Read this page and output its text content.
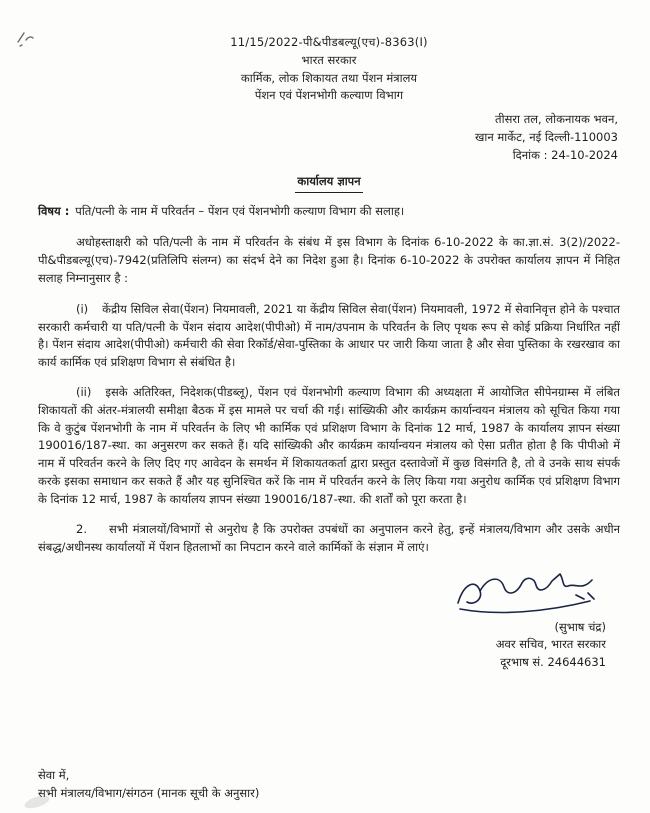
11/15/2022-पी&पीडबल्यू(एच)-8363(I)
भारत सरकार
कार्मिक, लोक शिकायत तथा पेंशन मंत्रालय
पेंशन एवं पेंशनभोगी कल्याण विभाग
तीसरा तल, लोकनायक भवन,
खान मार्केट, नई दिल्ली-110003
दिनांक : 24-10-2024
कार्यालय ज्ञापन

विषय : पति/पत्नी के नाम में परिवर्तन – पेंशन एवं पेंशनभोगी कल्याण विभाग की सलाह।

अधोहस्ताक्षरी को पति/पत्नी के नाम में परिवर्तन के संबंध में इस विभाग के दिनांक 6-10-2022 के का.ज्ञा.सं. 3(2)/2022-पी&पीडबल्यू(एच)-7942(प्रतिलिपि संलग्न) का संदर्भ देने का निदेश हुआ है। दिनांक 6-10-2022 के उपरोक्त कार्यालय ज्ञापन में निहित सलाह निम्नानुसार है :

(i) केंद्रीय सिविल सेवा(पेंशन) नियमावली, 2021 या केंद्रीय सिविल सेवा(पेंशन) नियमावली, 1972 में सेवानिवृत्त होने के पश्चात सरकारी कर्मचारी या पति/पत्नी के पेंशन संदाय आदेश(पीपीओ) में नाम/उपनाम के परिवर्तन के लिए पृथक रूप से कोई प्रक्रिया निर्धारित नहीं है। पेंशन संदाय आदेश(पीपीओ) कर्मचारी की सेवा रिकॉर्ड/सेवा-पुस्तिका के आधार पर जारी किया जाता है और सेवा पुस्तिका के रखरखाव का कार्य कार्मिक एवं प्रशिक्षण विभाग से संबंधित है।

(ii) इसके अतिरिक्त, निदेशक(पीडब्लू), पेंशन एवं पेंशनभोगी कल्याण विभाग की अध्यक्षता में आयोजित सीपेनग्राम्स में लंबित शिकायतों की अंतर-मंत्रालयी समीक्षा बैठक में इस मामले पर चर्चा की गई। सांख्यिकी और कार्यक्रम कार्यान्वयन मंत्रालय को सूचित किया गया कि वे कुटुंब पेंशनभोगी के नाम में परिवर्तन के लिए भी कार्मिक एवं प्रशिक्षण विभाग के दिनांक 12 मार्च, 1987 के कार्यालय ज्ञापन संख्या 190016/187-स्था. का अनुसरण कर सकते हैं। यदि सांख्यिकी और कार्यक्रम कार्यान्वयन मंत्रालय को ऐसा प्रतीत होता है कि पीपीओ में नाम में परिवर्तन करने के लिए दिए गए आवेदन के समर्थन में शिकायतकर्ता द्वारा प्रस्तुत दस्तावेजों में कुछ विसंगति है, तो वे उनके साथ संपर्क करके इसका समाधान कर सकते हैं और यह सुनिश्चित करें कि नाम में परिवर्तन करने के लिए किया गया अनुरोध कार्मिक एवं प्रशिक्षण विभाग के दिनांक 12 मार्च, 1987 के कार्यालय ज्ञापन संख्या 190016/187-स्था. की शर्तों को पूरा करता है।

2. सभी मंत्रालयों/विभागों से अनुरोध है कि उपरोक्त उपबंधों का अनुपालन करने हेतु, इन्हें मंत्रालय/विभाग और उसके अधीन संबद्ध/अधीनस्थ कार्यालयों में पेंशन हितलाभों का निपटान करने वाले कार्मिकों के संज्ञान में लाएं।

(सुभाष चंद्र)
अवर सचिव, भारत सरकार
दूरभाष सं. 24644631
सेवा में,
सभी मंत्रालय/विभाग/संगठन (मानक सूची के अनुसार)
